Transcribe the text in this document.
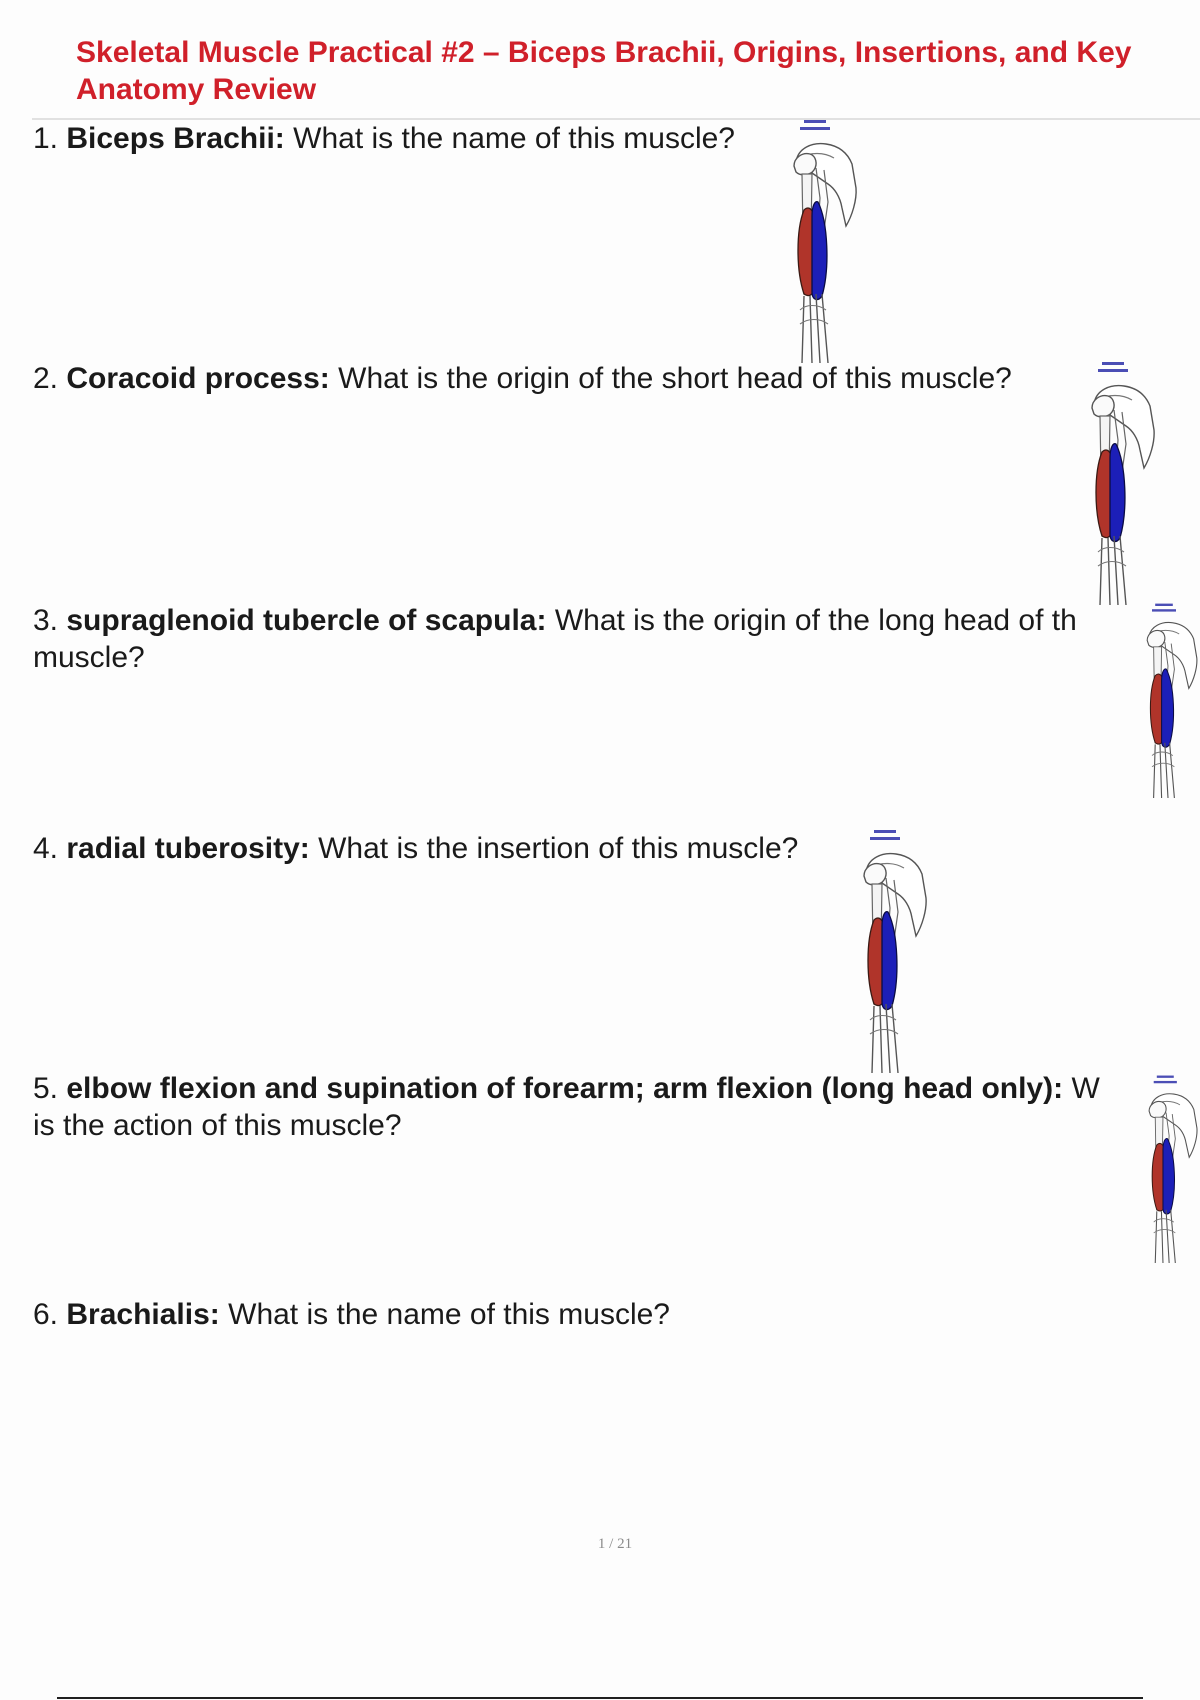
Skeletal Muscle Practical #2 – Biceps Brachii, Origins, Insertions, and Key
Anatomy Review
1. Biceps Brachii: What is the name of this muscle?
2. Coracoid process: What is the origin of the short head of this muscle?
3. supraglenoid tubercle of scapula: What is the origin of the long head of th
muscle?
4. radial tuberosity: What is the insertion of this muscle?
5. elbow flexion and supination of forearm; arm flexion (long head only): W
is the action of this muscle?
6. Brachialis: What is the name of this muscle?
1 / 21
